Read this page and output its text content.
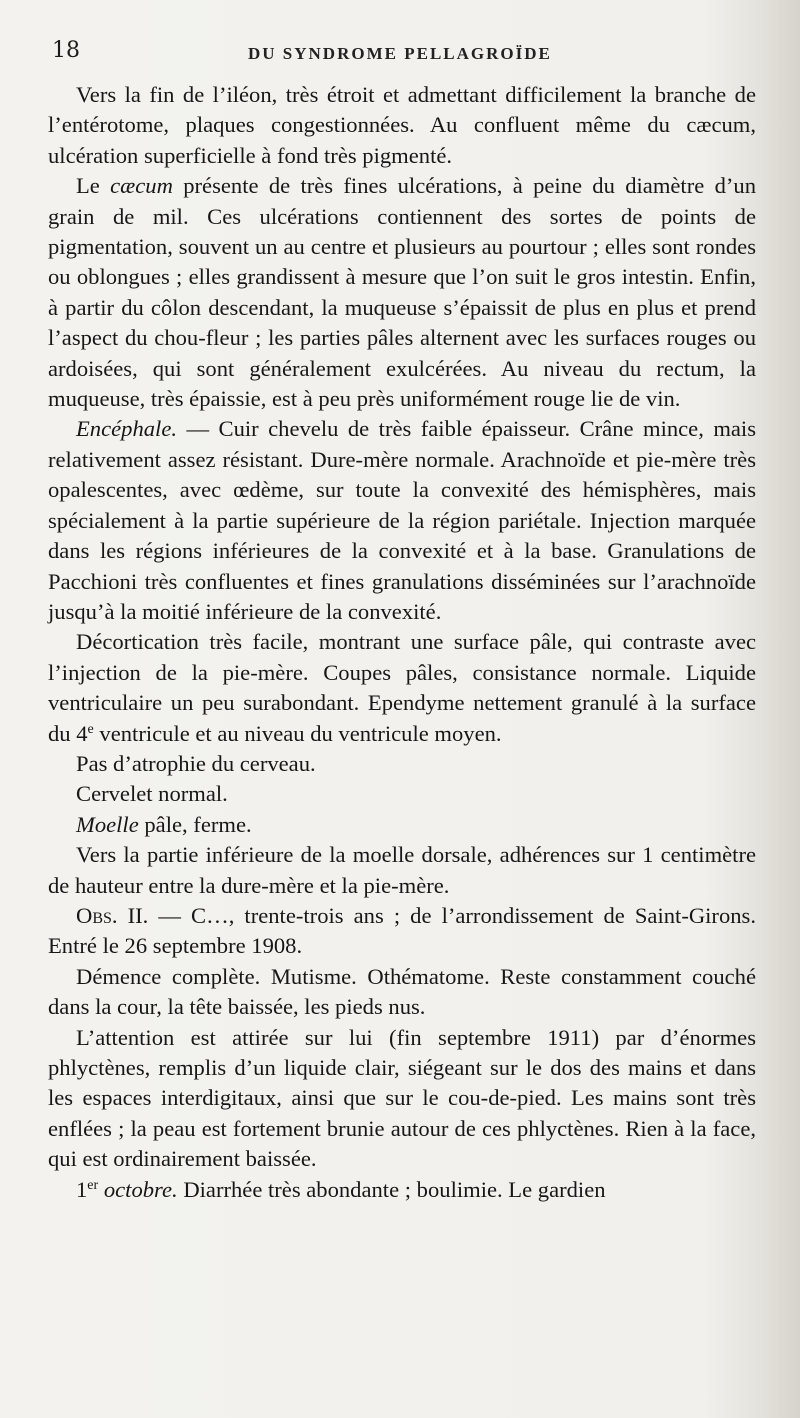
18	DU SYNDROME PELLAGROÏDE

Vers la fin de l’iléon, très étroit et admettant difficilement la branche de l’entérotome, plaques congestionnées. Au confluent même du cæcum, ulcération superficielle à fond très pigmenté.

Le cæcum présente de très fines ulcérations, à peine du diamètre d’un grain de mil. Ces ulcérations contiennent des sortes de points de pigmentation, souvent un au centre et plusieurs au pourtour ; elles sont rondes ou oblongues ; elles grandissent à mesure que l’on suit le gros intestin. Enfin, à partir du côlon descendant, la muqueuse s’épaissit de plus en plus et prend l’aspect du chou-fleur ; les parties pâles alternent avec les surfaces rouges ou ardoisées, qui sont généralement exulcérées. Au niveau du rectum, la muqueuse, très épaissie, est à peu près uniformément rouge lie de vin.

Encéphale. — Cuir chevelu de très faible épaisseur. Crâne mince, mais relativement assez résistant. Dure-mère normale. Arachnoïde et pie-mère très opalescentes, avec œdème, sur toute la convexité des hémisphères, mais spécialement à la partie supérieure de la région pariétale. Injection marquée dans les régions inférieures de la convexité et à la base. Granulations de Pacchioni très confluentes et fines granulations disséminées sur l’arachnoïde jusqu’à la moitié inférieure de la convexité.

Décortication très facile, montrant une surface pâle, qui contraste avec l’injection de la pie-mère. Coupes pâles, consistance normale. Liquide ventriculaire un peu surabondant. Ependyme nettement granulé à la surface du 4e ventricule et au niveau du ventricule moyen.

Pas d’atrophie du cerveau.

Cervelet normal.

Moelle pâle, ferme.

Vers la partie inférieure de la moelle dorsale, adhérences sur 1 centimètre de hauteur entre la dure-mère et la pie-mère.

Obs. II. — C…, trente-trois ans ; de l’arrondissement de Saint-Girons. Entré le 26 septembre 1908.

Démence complète. Mutisme. Othématome. Reste constamment couché dans la cour, la tête baissée, les pieds nus.

L’attention est attirée sur lui (fin septembre 1911) par d’énormes phlyctènes, remplis d’un liquide clair, siégeant sur le dos des mains et dans les espaces interdigitaux, ainsi que sur le cou-de-pied. Les mains sont très enflées ; la peau est fortement brunie autour de ces phlyctènes. Rien à la face, qui est ordinairement baissée.

1er octobre. Diarrhée très abondante ; boulimie. Le gardien
